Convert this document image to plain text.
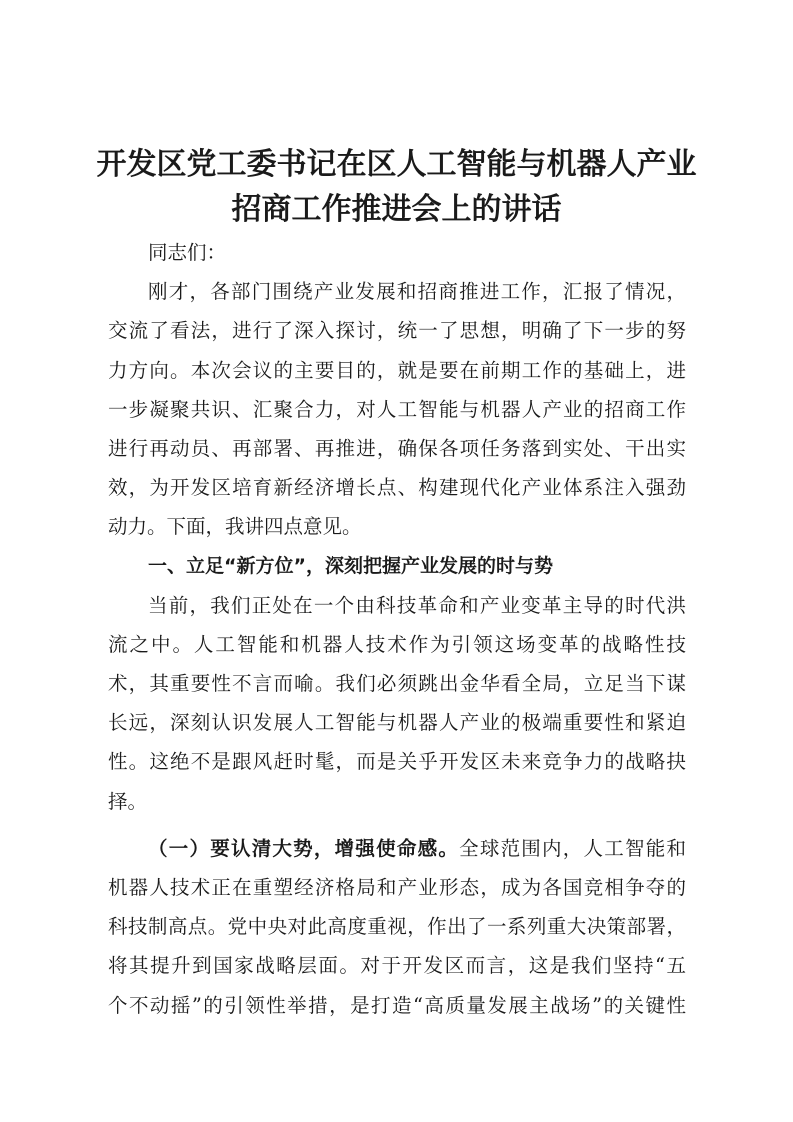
开发区党工委书记在区人工智能与机器人产业
招商工作推进会上的讲话
同志们：
刚才，各部门围绕产业发展和招商推进工作，汇报了情况，
交流了看法，进行了深入探讨，统一了思想，明确了下一步的努
力方向。本次会议的主要目的，就是要在前期工作的基础上，进
一步凝聚共识、汇聚合力，对人工智能与机器人产业的招商工作
进行再动员、再部署、再推进，确保各项任务落到实处、干出实
效，为开发区培育新经济增长点、构建现代化产业体系注入强劲
动力。下面，我讲四点意见。
一、立足“新方位”，深刻把握产业发展的时与势
当前，我们正处在一个由科技革命和产业变革主导的时代洪
流之中。人工智能和机器人技术作为引领这场变革的战略性技
术，其重要性不言而喻。我们必须跳出金华看全局，立足当下谋
长远，深刻认识发展人工智能与机器人产业的极端重要性和紧迫
性。这绝不是跟风赶时髦，而是关乎开发区未来竞争力的战略抉
择。
（一）要认清大势，增强使命感。全球范围内，人工智能和
机器人技术正在重塑经济格局和产业形态，成为各国竞相争夺的
科技制高点。党中央对此高度重视，作出了一系列重大决策部署，
将其提升到国家战略层面。对于开发区而言，这是我们坚持“五
个不动摇”的引领性举措，是打造“高质量发展主战场”的关键性
